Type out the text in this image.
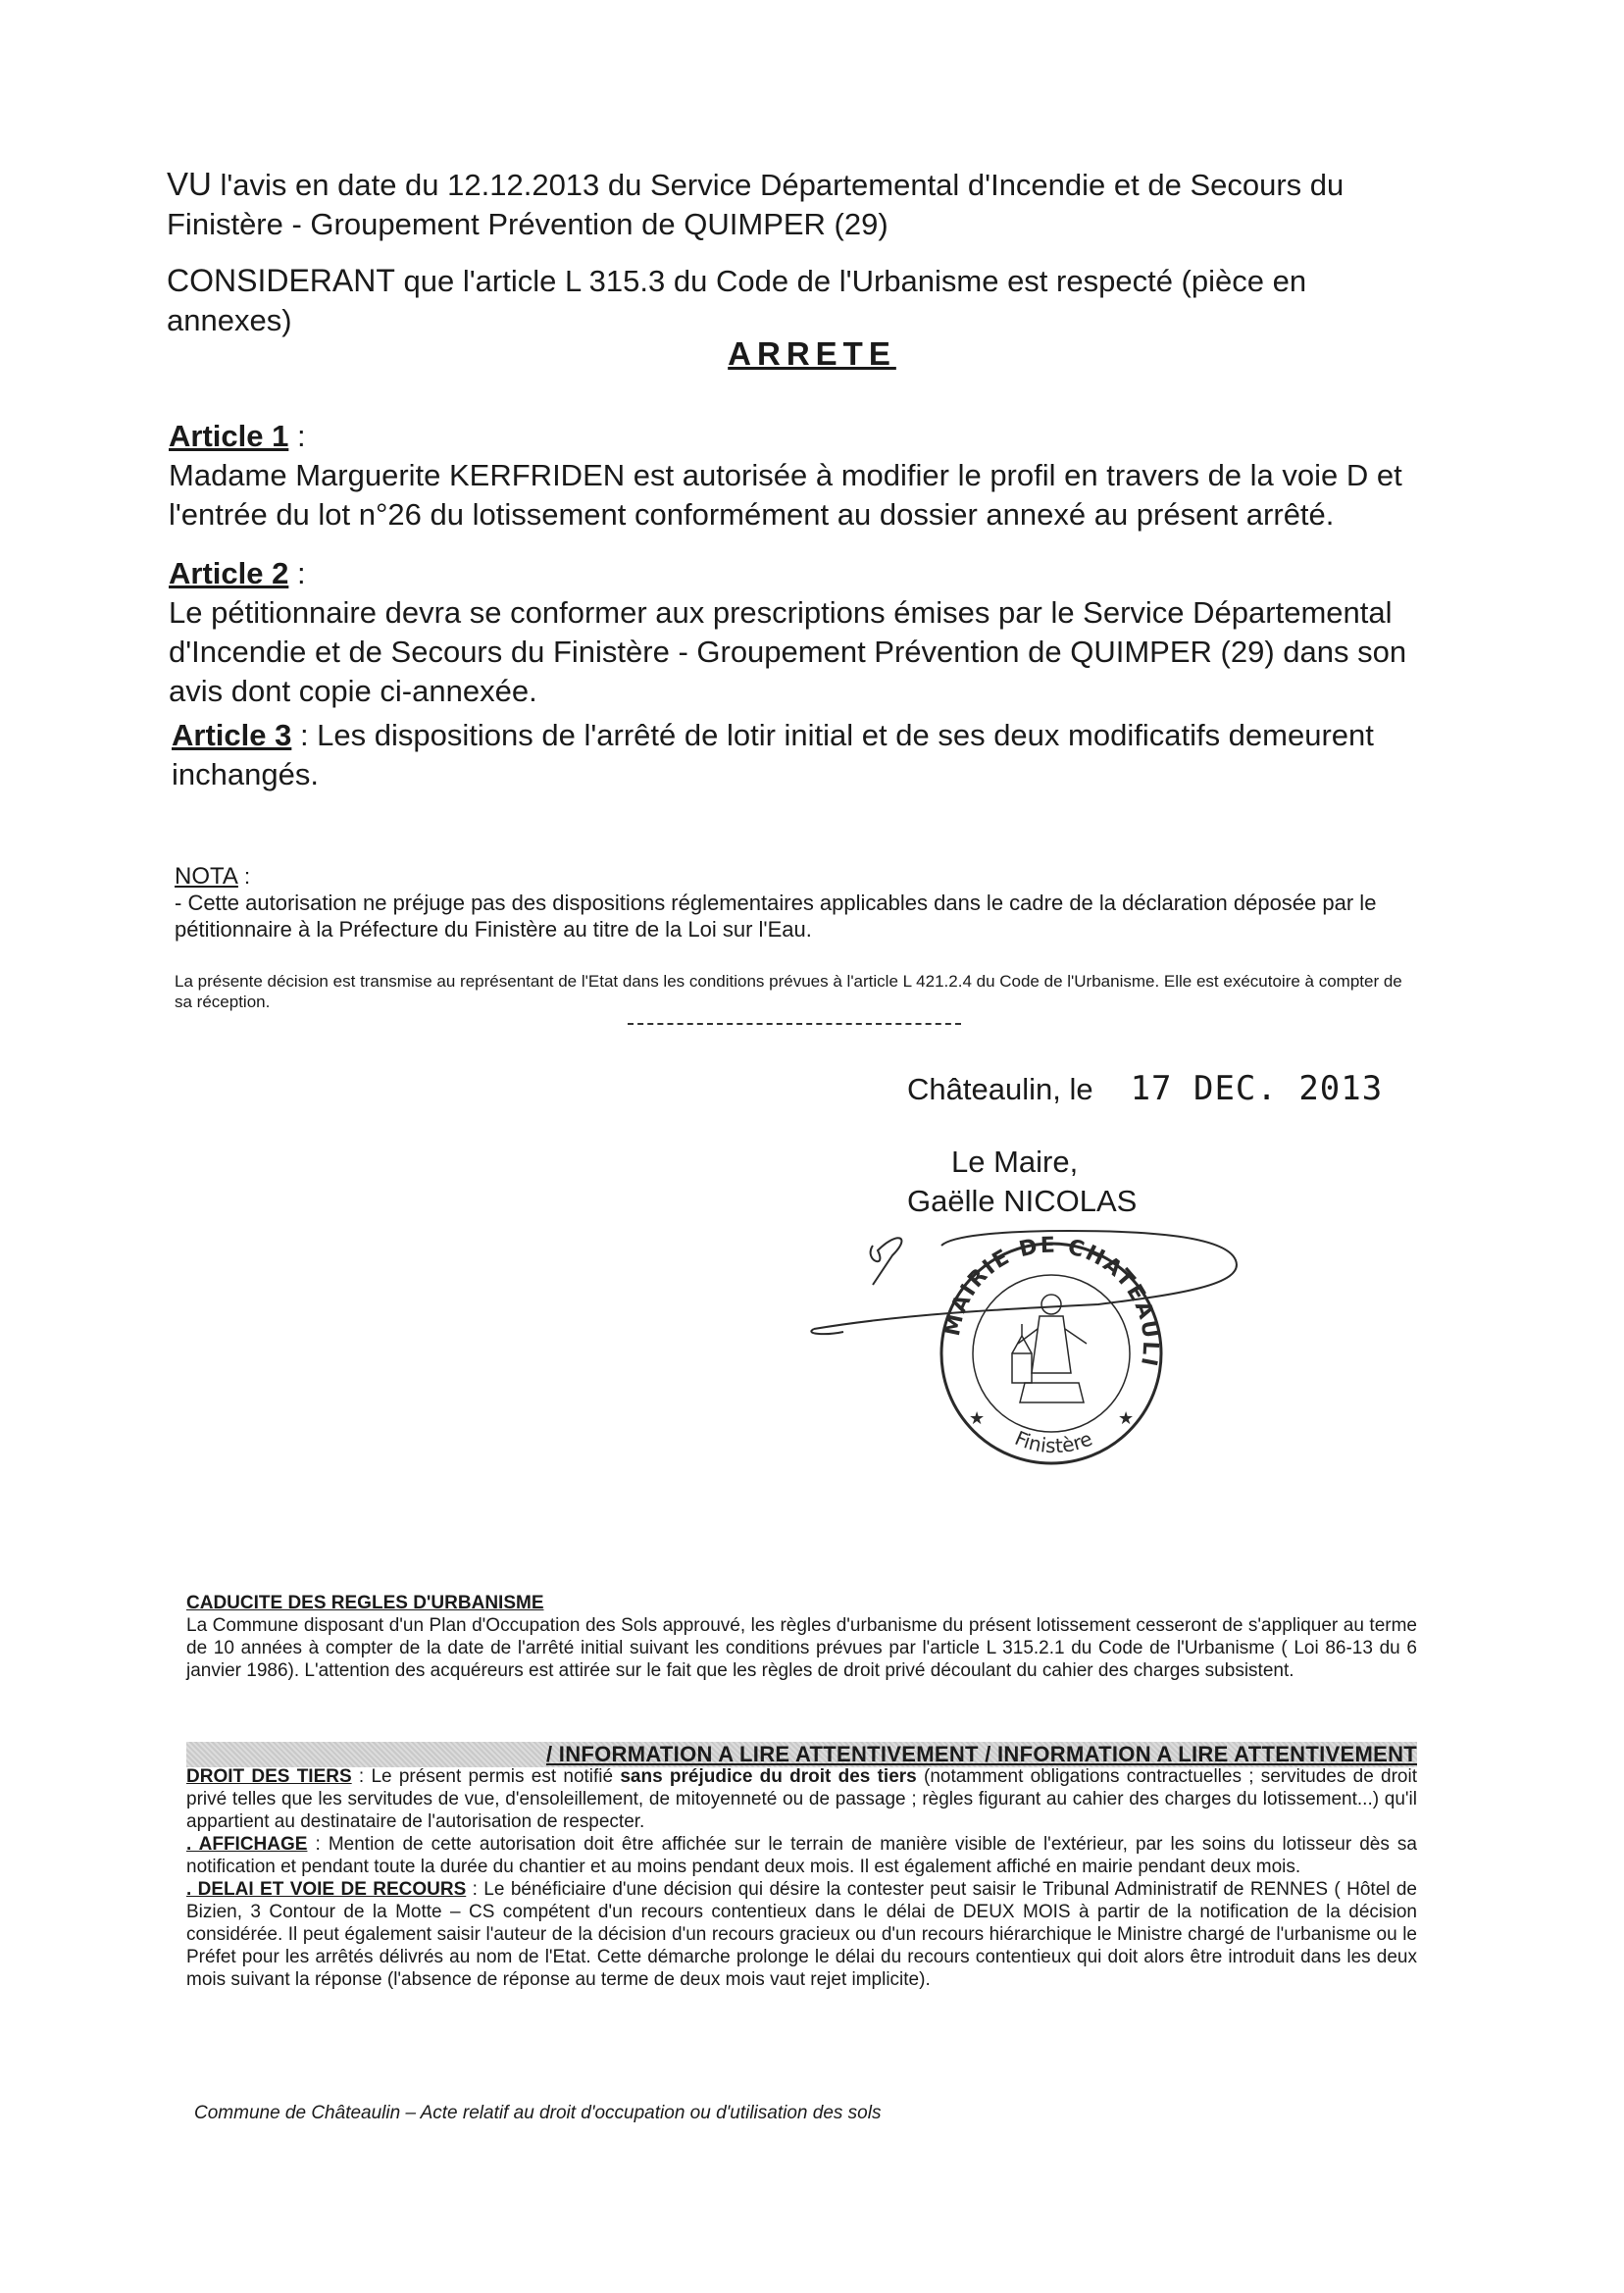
VU l'avis en date du 12.12.2013 du Service Départemental d'Incendie et de Secours du Finistère - Groupement Prévention de QUIMPER (29)
CONSIDERANT que l'article L 315.3 du Code de l'Urbanisme est respecté (pièce en annexes)
ARRETE

Article 1 :

Madame Marguerite KERFRIDEN est autorisée à modifier le profil en travers de la voie D et l'entrée du lot n°26 du lotissement conformément au dossier annexé au présent arrêté.

Article 2 :

Le pétitionnaire devra se conformer aux prescriptions émises par le Service Départemental d'Incendie et de Secours du Finistère - Groupement Prévention de QUIMPER (29) dans son avis dont copie ci-annexée.

Article 3 : Les dispositions de l'arrêté de lotir initial et de ses deux modificatifs demeurent inchangés.

NOTA :

- Cette autorisation ne préjuge pas des dispositions réglementaires applicables dans le cadre de la déclaration déposée par le pétitionnaire à la Préfecture du Finistère au titre de la Loi sur l'Eau.

La présente décision est transmise au représentant de l'Etat dans les conditions prévues à l'article L 421.2.4 du Code de l'Urbanisme. Elle est exécutoire à compter de sa réception.
Châteaulin, le 17 DEC. 2013

Le Maire,

Gaëlle NICOLAS

MAIRIE DE CHATEAULI
Finistère
★	★

CADUCITE DES REGLES D'URBANISME

La Commune disposant d'un Plan d'Occupation des Sols approuvé, les règles d'urbanisme du présent lotissement cesseront de s'appliquer au terme de 10 années à compter de la date de l'arrêté initial suivant les conditions prévues par l'article L 315.2.1 du Code de l'Urbanisme ( Loi 86-13 du 6 janvier 1986). L'attention des acquéreurs est attirée sur le fait que les règles de droit privé découlant du cahier des charges subsistent.

/ INFORMATION A LIRE ATTENTIVEMENT / INFORMATION A LIRE ATTENTIVEMENT

DROIT DES TIERS : Le présent permis est notifié sans préjudice du droit des tiers (notamment obligations contractuelles ; servitudes de droit privé telles que les servitudes de vue, d'ensoleillement, de mitoyenneté ou de passage ; règles figurant au cahier des charges du lotissement...) qu'il appartient au destinataire de l'autorisation de respecter.

. AFFICHAGE : Mention de cette autorisation doit être affichée sur le terrain de manière visible de l'extérieur, par les soins du lotisseur dès sa notification et pendant toute la durée du chantier et au moins pendant deux mois. Il est également affiché en mairie pendant deux mois.

. DELAI ET VOIE DE RECOURS : Le bénéficiaire d'une décision qui désire la contester peut saisir le Tribunal Administratif de RENNES ( Hôtel de Bizien, 3 Contour de la Motte – CS compétent d'un recours contentieux dans le délai de DEUX MOIS à partir de la notification de la décision considérée. Il peut également saisir l'auteur de la décision d'un recours gracieux ou d'un recours hiérarchique le Ministre chargé de l'urbanisme ou le Préfet pour les arrêtés délivrés au nom de l'Etat. Cette démarche prolonge le délai du recours contentieux qui doit alors être introduit dans les deux mois suivant la réponse (l'absence de réponse au terme de deux mois vaut rejet implicite).

Commune de Châteaulin – Acte relatif au droit d'occupation ou d'utilisation des sols
